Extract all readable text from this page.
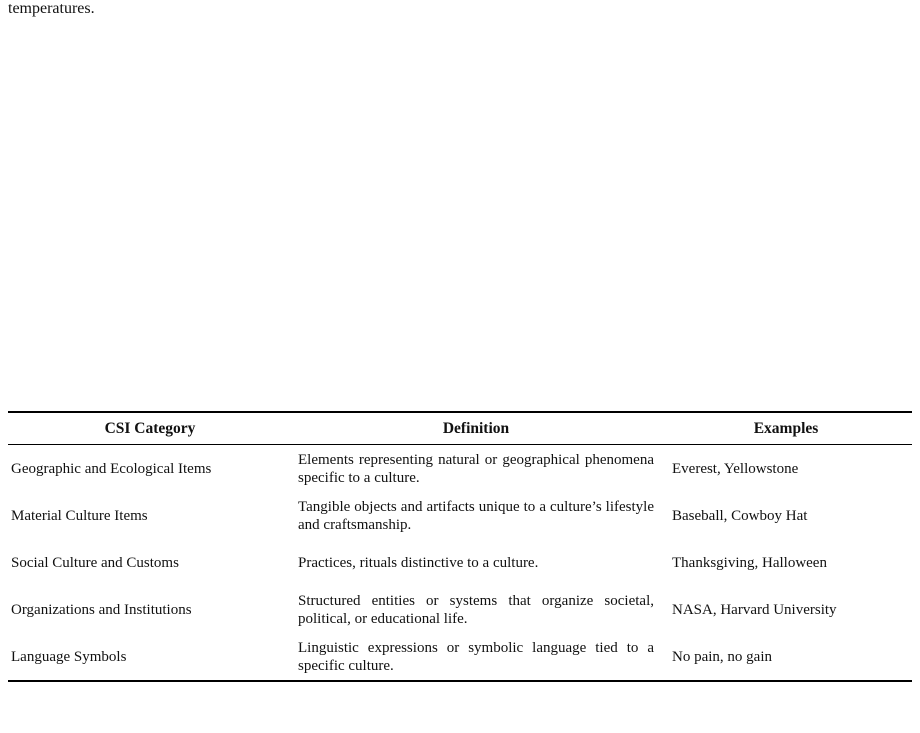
temperatures.
CSI Category	Definition	Examples
Geographic and Ecological Items	Elements representing natural or geographical phenomena specific to a culture.	Everest, Yellowstone
Material Culture Items	Tangible objects and artifacts unique to a culture’s lifestyle and craftsmanship.	Baseball, Cowboy Hat
Social Culture and Customs	Practices, rituals distinctive to a culture.	Thanksgiving, Halloween
Organizations and Institutions	Structured entities or systems that organize societal, political, or educational life.	NASA, Harvard University
Language Symbols	Linguistic expressions or symbolic language tied to a specific culture.	No pain, no gain
